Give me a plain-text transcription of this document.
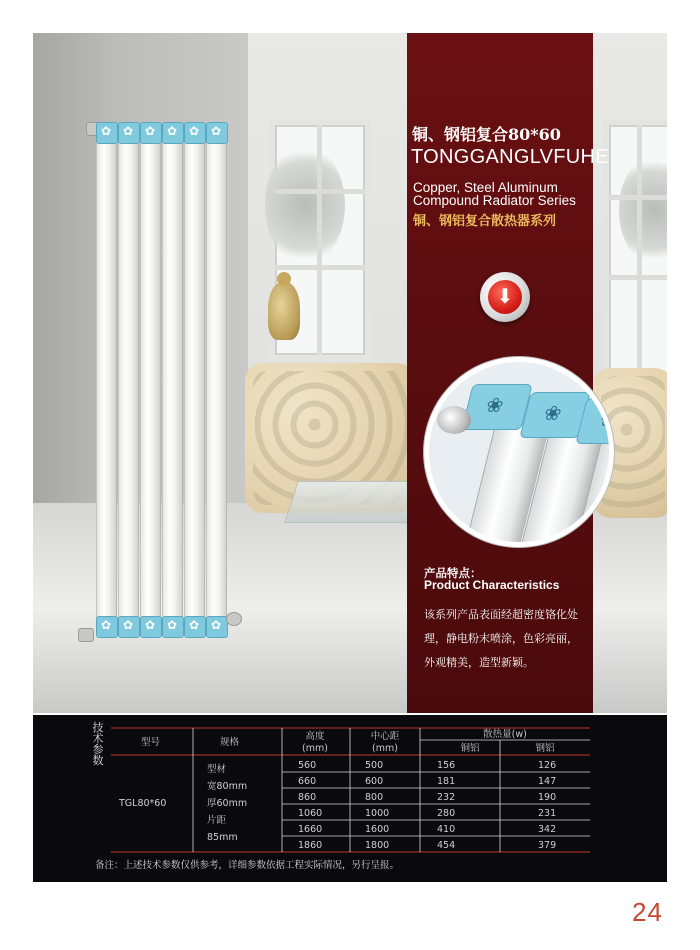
✿
✿
✿
✿
✿
✿
✿
✿
✿
✿
✿
✿
铜、钢铝复合80*60
TONGGANGLVFUHE
Copper, Steel Aluminum
Compound Radiator Series
铜、钢铝复合散热器系列
⬇
❀
❀
❀
产品特点：
Product Characteristics
该系列产品表面经超密度铬化处
理，静电粉末喷涂，色彩亮丽，
外观精美，造型新颖。
技
术
参
数
型号	规格
高度
(mm)
中心距
(mm)
散热量(w)
铜铝	钢铝
TGL80*60
型材
宽80mm
厚60mm
片距
85mm
560	500	156	126
660	600	181	147
860	800	232	190
1060	1000	280	231
1660	1600	410	342
1860	1800	454	379
备注：上述技术参数仅供参考，详细参数依据工程实际情况，另行呈报。
24
